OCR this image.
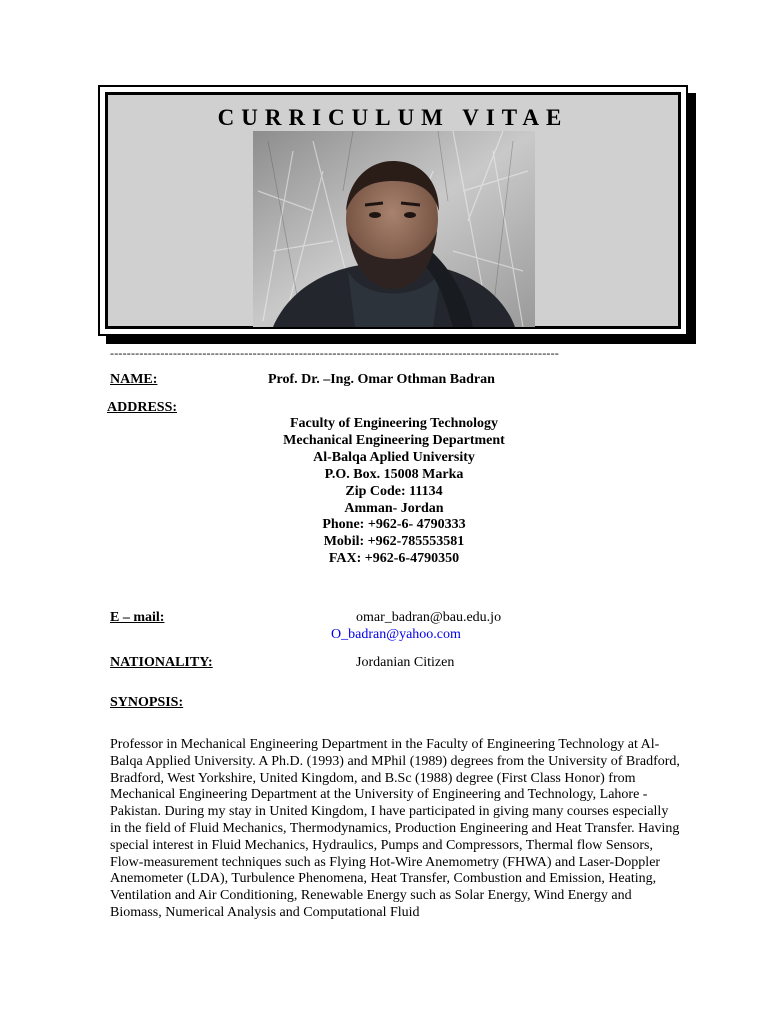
CURRICULUM VITAE
-----------------------------------------------------------------------------------------------------------
NAME:	Prof. Dr. –Ing. Omar Othman Badran
ADDRESS:
Faculty of Engineering Technology
Mechanical Engineering Department
Al-Balqa Aplied University
P.O. Box. 15008 Marka
Zip Code: 11134
Amman- Jordan
Phone: +962-6- 4790333
Mobil: +962-785553581
FAX: +962-6-4790350
E – mail:	omar_badran@bau.edu.jo
O_badran@yahoo.com
NATIONALITY:	Jordanian Citizen
SYNOPSIS:
Professor in Mechanical Engineering Department in the Faculty of Engineering Technology at Al-Balqa Applied University. A Ph.D. (1993) and MPhil (1989) degrees from the University of Bradford, Bradford, West Yorkshire, United Kingdom, and B.Sc (1988) degree (First Class Honor) from Mechanical Engineering Department at the University of Engineering and Technology, Lahore - Pakistan. During my stay in United Kingdom, I have participated in giving many courses especially in the field of Fluid Mechanics, Thermodynamics, Production Engineering and Heat Transfer. Having special interest in Fluid Mechanics, Hydraulics, Pumps and Compressors, Thermal flow Sensors, Flow-measurement techniques such as Flying Hot-Wire Anemometry (FHWA) and Laser-Doppler Anemometer (LDA), Turbulence Phenomena, Heat Transfer, Combustion and Emission, Heating, Ventilation and Air Conditioning, Renewable Energy such as Solar Energy, Wind Energy and Biomass, Numerical Analysis and Computational Fluid
